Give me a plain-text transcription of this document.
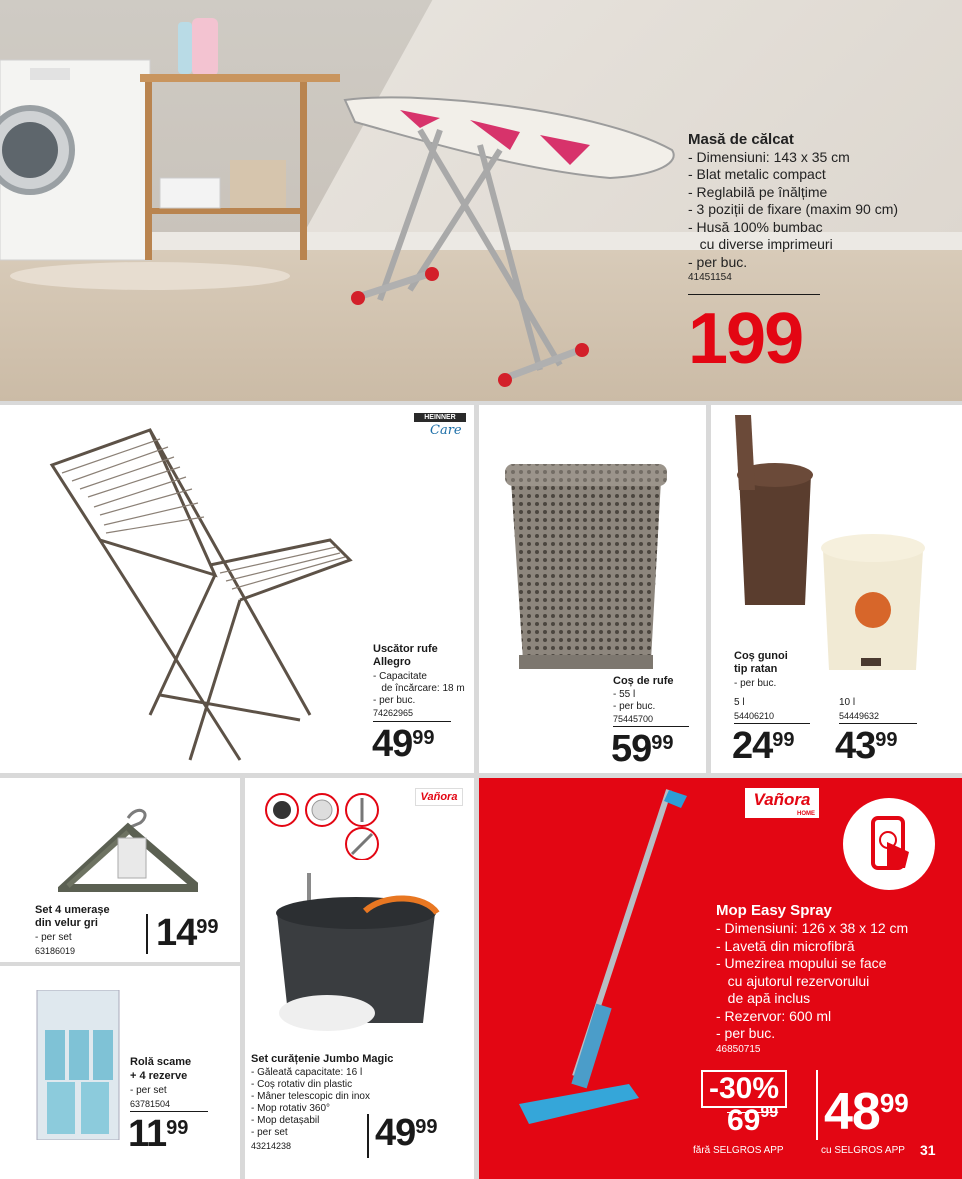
Masă de călcat
- Dimensiuni: 143 x 35 cm
- Blat metalic compact
- Reglabilă pe înălțime
- 3 poziții de fixare (maxim 90 cm)
- Husă 100% bumbac
cu diverse imprimeuri
- per buc.
41451154
199
HEINNER
Care
Uscător rufe
Allegro
- Capacitate
de încărcare: 18 m
- per buc.
74262965
4999
Coș de rufe
- 55 l
- per buc.
75445700
5999
Coș gunoi
tip ratan
- per buc.
5 l
54406210
2499
10 l
54449632
4399
Set 4 umerașe
din velur gri
- per set
63186019 1499
Rolă scame
+ 4 rezerve
- per set
63781504
1199
Vañora
Set curățenie Jumbo Magic
- Găleată capacitate: 16 l
- Coș rotativ din plastic
- Mâner telescopic din inox
- Mop rotativ 360°
- Mop detașabil
- per set
43214238 4999
Vañora
HOME
Mop Easy Spray
- Dimensiuni: 126 x 38 x 12 cm
- Lavetă din microfibră
- Umezirea mopului se face
cu ajutorul rezervorului
de apă inclus
- Rezervor: 600 ml
- per buc.
46850715
-30%
6999 4899
fără SELGROS APP	cu SELGROS APP 31
